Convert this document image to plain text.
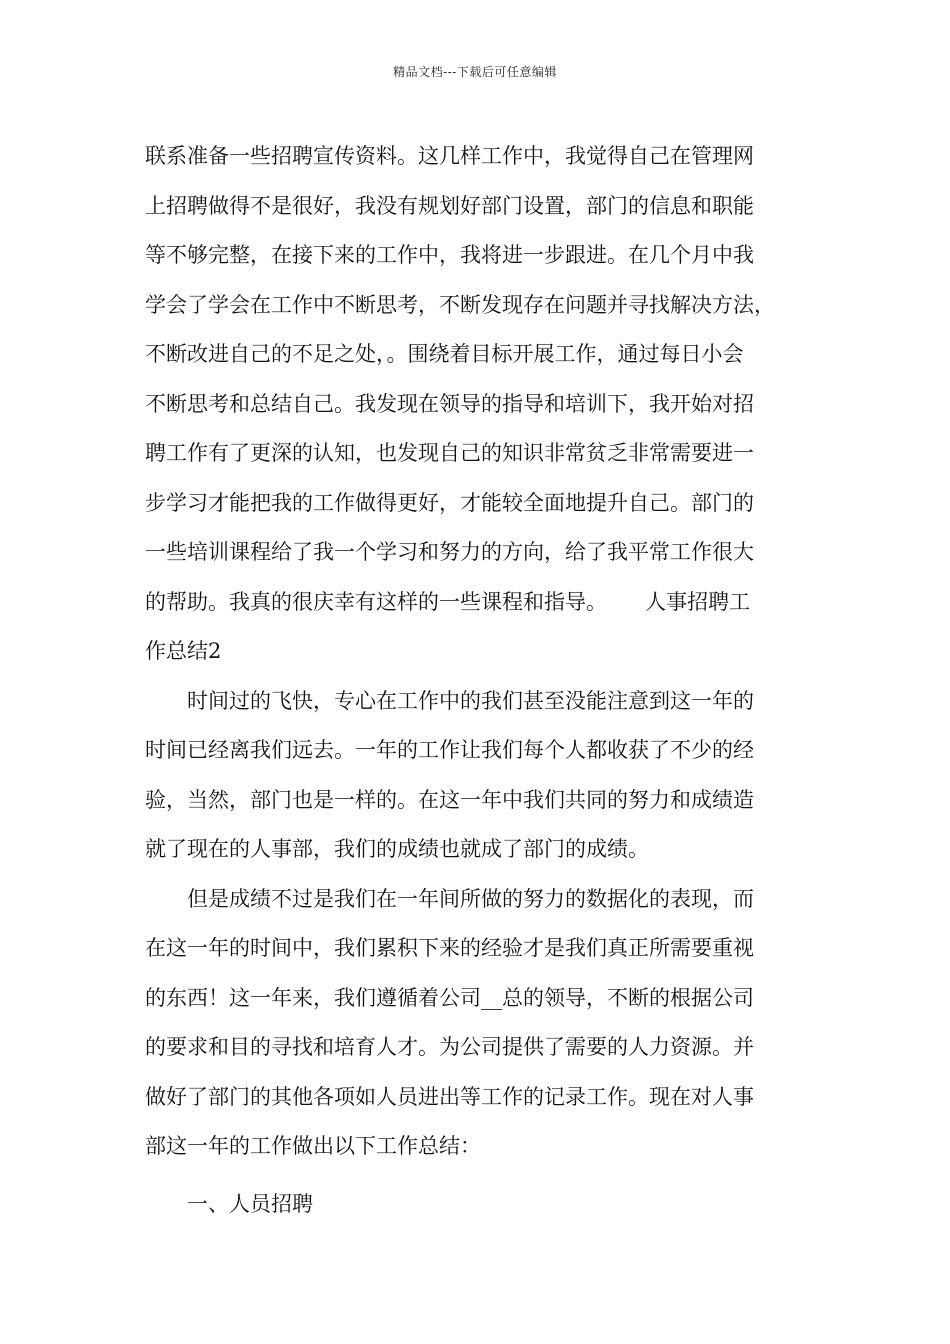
精品文档---下载后可任意编辑
联系准备一些招聘宣传资料。这几样工作中，我觉得自己在管理网
上招聘做得不是很好，我没有规划好部门设置，部门的信息和职能
等不够完整，在接下来的工作中，我将进一步跟进。在几个月中我
学会了学会在工作中不断思考，不断发现存在问题并寻找解决方法，
不断改进自己的不足之处，。围绕着目标开展工作，通过每日小会
不断思考和总结自己。我发现在领导的指导和培训下，我开始对招
聘工作有了更深的认知，也发现自己的知识非常贫乏非常需要进一
步学习才能把我的工作做得更好，才能较全面地提升自己。部门的
一些培训课程给了我一个学习和努力的方向，给了我平常工作很大
的帮助。我真的很庆幸有这样的一些课程和指导。　　 人事招聘工
作总结2
时间过的飞快，专心在工作中的我们甚至没能注意到这一年的
时间已经离我们远去。一年的工作让我们每个人都收获了不少的经
验，当然，部门也是一样的。在这一年中我们共同的努力和成绩造
就了现在的人事部，我们的成绩也就成了部门的成绩。
但是成绩不过是我们在一年间所做的努力的数据化的表现，而
在这一年的时间中，我们累积下来的经验才是我们真正所需要重视
的东西！这一年来，我们遵循着公司__总的领导，不断的根据公司
的要求和目的寻找和培育人才。为公司提供了需要的人力资源。并
做好了部门的其他各项如人员进出等工作的记录工作。现在对人事
部这一年的工作做出以下工作总结：
一、人员招聘
